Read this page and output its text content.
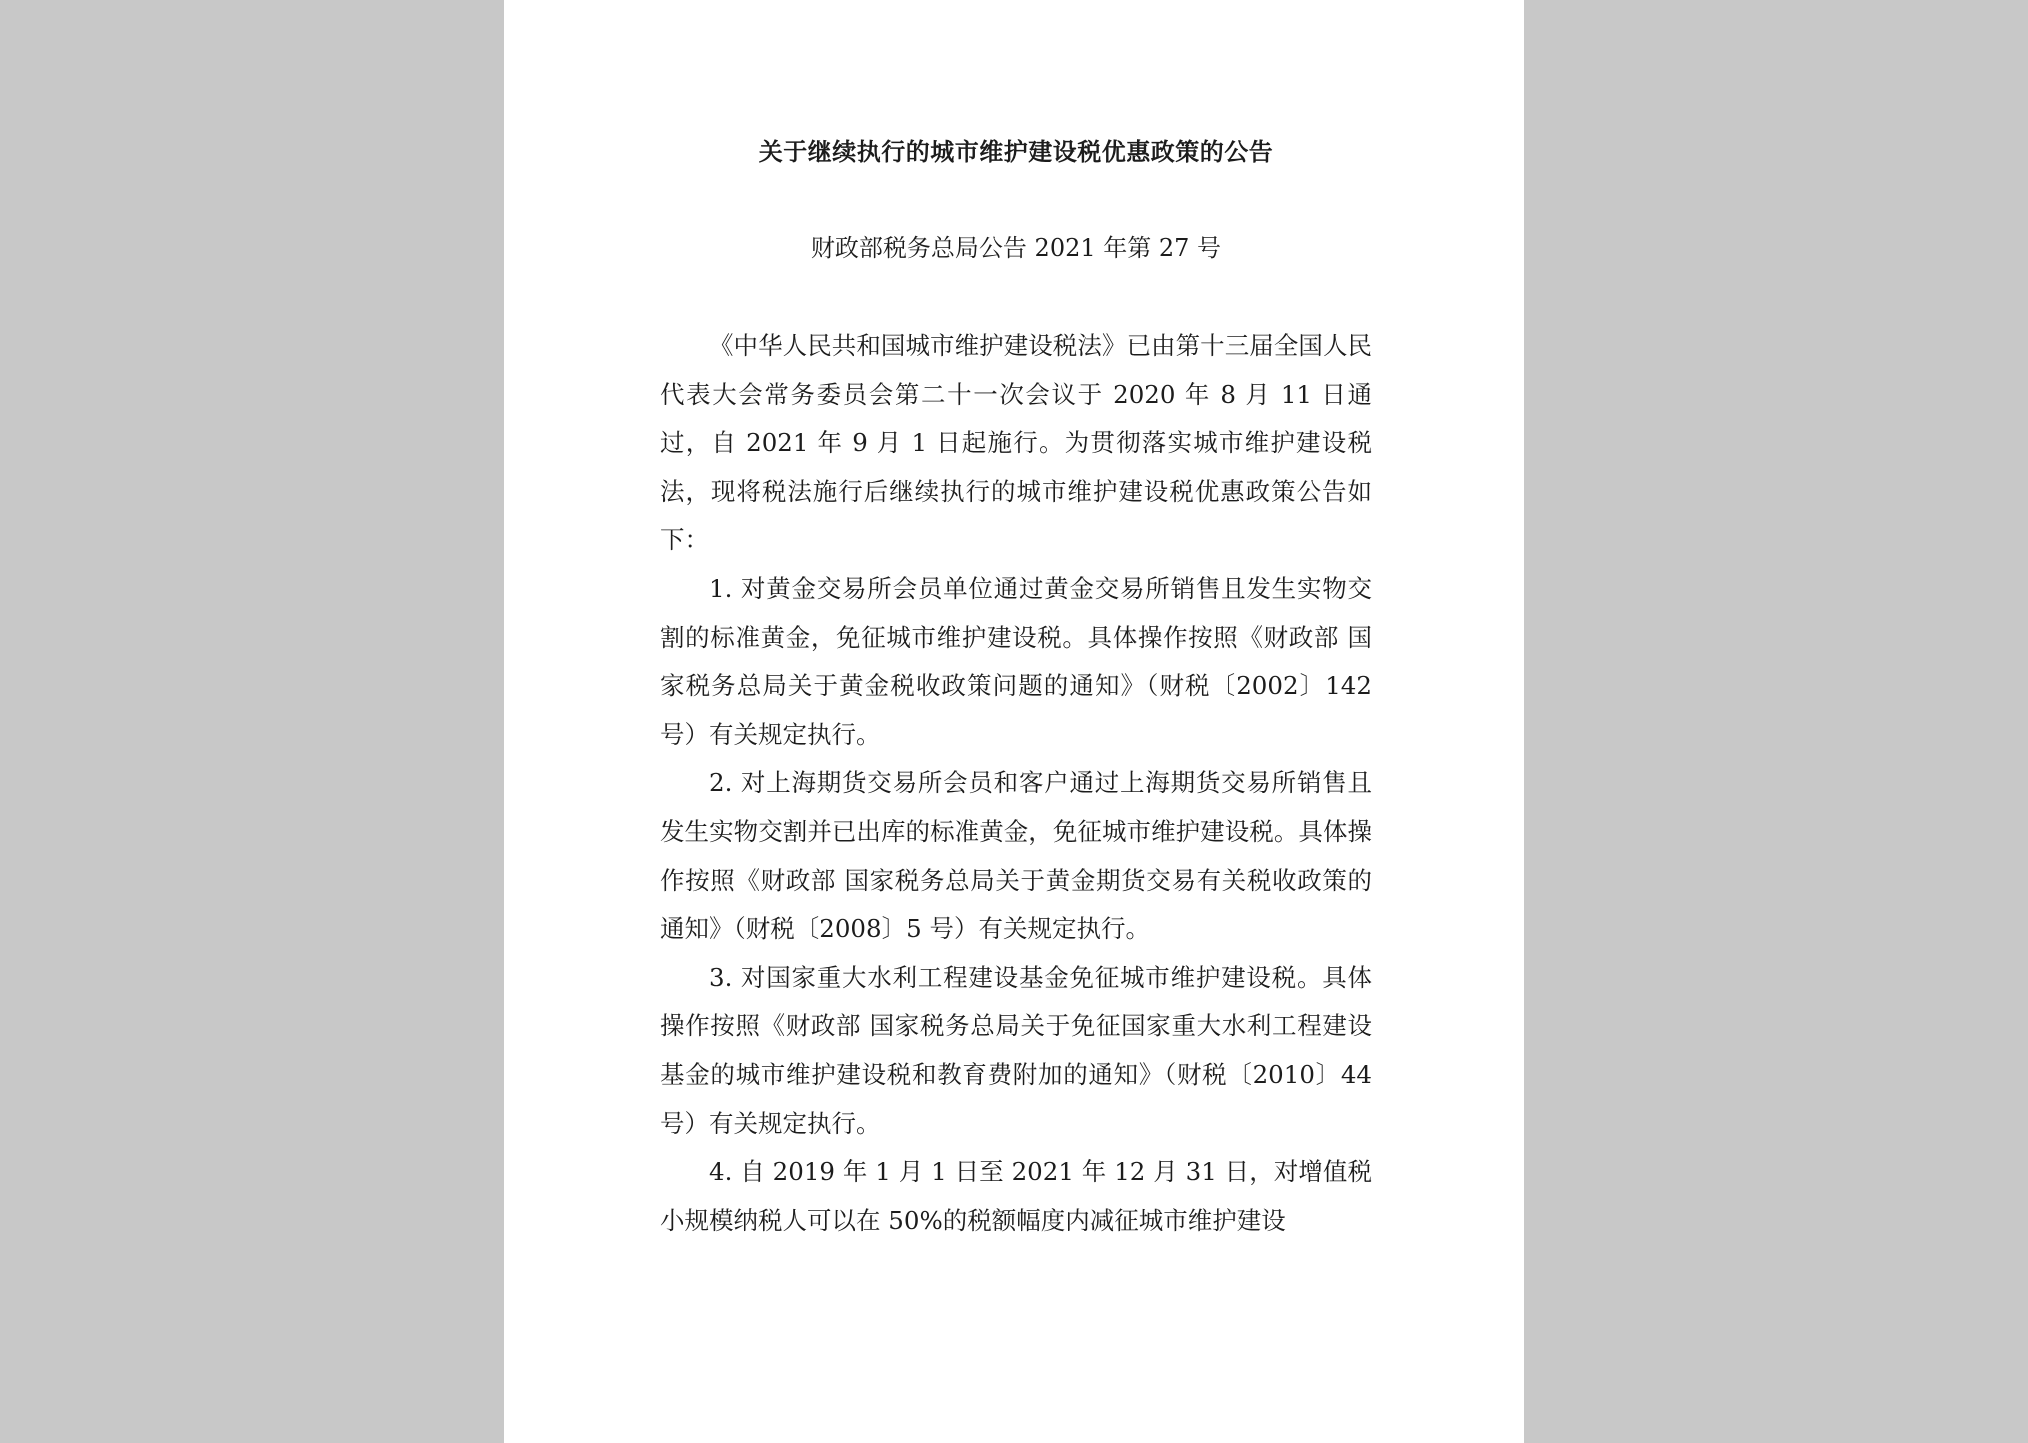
关于继续执行的城市维护建设税优惠政策的公告
财政部税务总局公告 2021 年第 27 号

《中华人民共和国城市维护建设税法》已由第十三届全国人民代表大会常务委员会第二十一次会议于 2020 年 8 月 11 日通过，自 2021 年 9 月 1 日起施行。为贯彻落实城市维护建设税法，现将税法施行后继续执行的城市维护建设税优惠政策公告如下：

1. 对黄金交易所会员单位通过黄金交易所销售且发生实物交割的标准黄金，免征城市维护建设税。具体操作按照《财政部 国家税务总局关于黄金税收政策问题的通知》（财税〔2002〕142 号）有关规定执行。

2. 对上海期货交易所会员和客户通过上海期货交易所销售且发生实物交割并已出库的标准黄金，免征城市维护建设税。具体操作按照《财政部 国家税务总局关于黄金期货交易有关税收政策的通知》（财税〔2008〕5 号）有关规定执行。

3. 对国家重大水利工程建设基金免征城市维护建设税。具体操作按照《财政部 国家税务总局关于免征国家重大水利工程建设基金的城市维护建设税和教育费附加的通知》（财税〔2010〕44 号）有关规定执行。

4. 自 2019 年 1 月 1 日至 2021 年 12 月 31 日，对增值税小规模纳税人可以在 50%的税额幅度内减征城市维护建设
